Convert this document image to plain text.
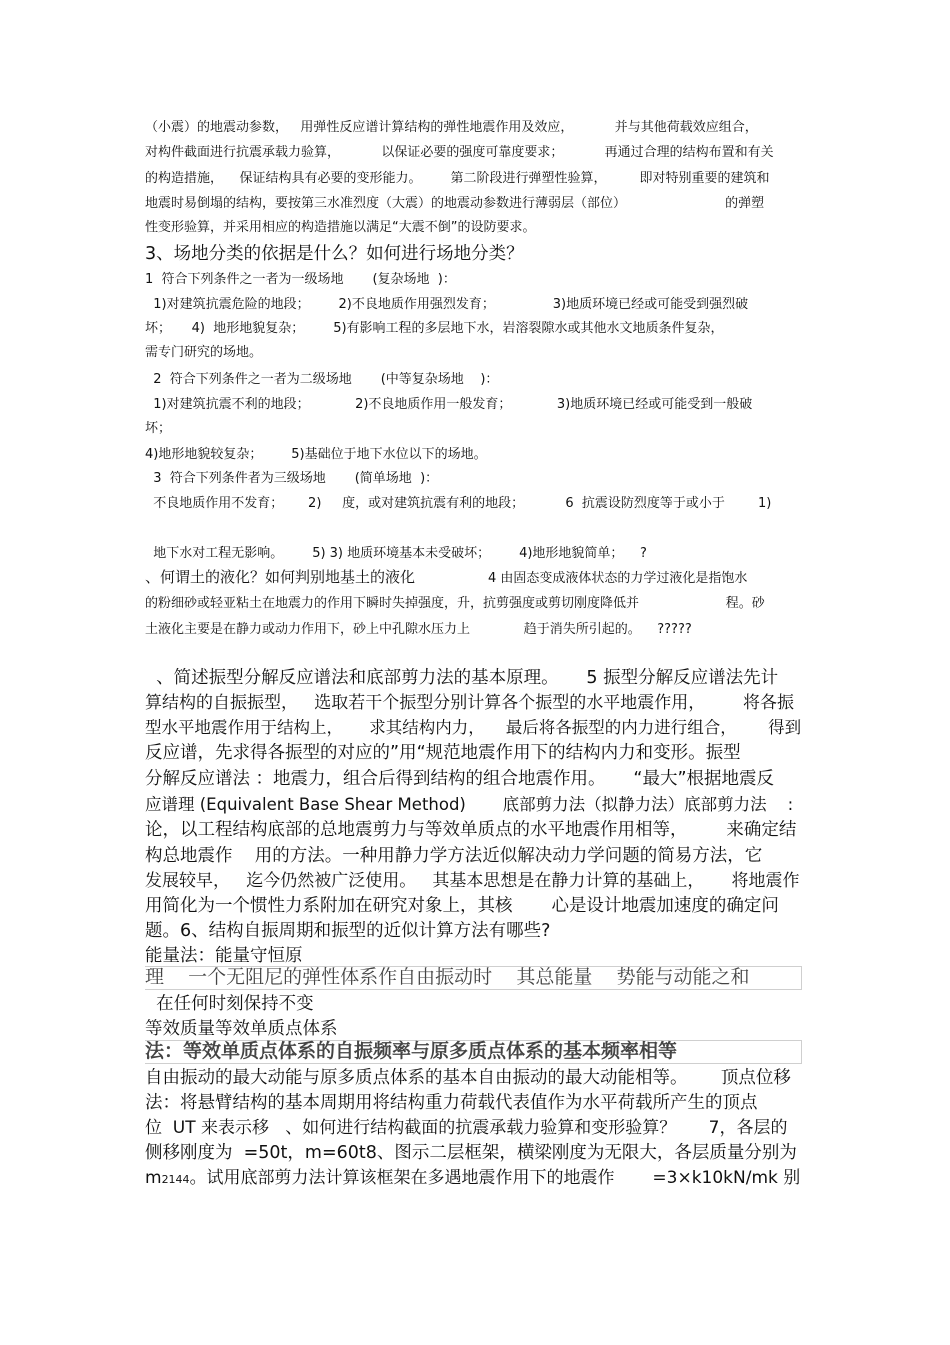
（小震）的地震动参数，   用弹性反应谱计算结构的弹性地震作用及效应，          并与其他荷载效应组合，
对构件截面进行抗震承载力验算，          以保证必要的强度可靠度要求；          再通过合理的结构布置和有关
的构造措施，    保证结构具有必要的变形能力。       第二阶段进行弹塑性验算，        即对特别重要的建筑和
地震时易倒塌的结构，要按第三水准烈度（大震）的地震动参数进行薄弱层（部位）                        的弹塑
性变形验算，并采用相应的构造措施以满足“大震不倒”的设防要求。
3、场地分类的依据是什么？如何进行场地分类？
1  符合下列条件之一者为一级场地       (复杂场地  )：
1)对建筑抗震危险的地段；       2)不良地质作用强烈发育；              3)地质环境已经或可能受到强烈破
坏；     4)  地形地貌复杂；       5)有影响工程的多层地下水，岩溶裂隙水或其他水文地质条件复杂，
需专门研究的场地。
2  符合下列条件之一者为二级场地       (中等复杂场地    )：
1)对建筑抗震不利的地段；           2)不良地质作用一般发育；           3)地质环境已经或可能受到一般破
坏；
4)地形地貌较复杂；       5)基础位于地下水位以下的场地。
3  符合下列条件者为三级场地       (简单场地  )：
不良地质作用不发育；      2)     度，或对建筑抗震有利的地段；          6  抗震设防烈度等于或小于        1)
地下水对工程无影响。       5) 3) 地质环境基本未受破坏；       4)地形地貌简单；    ?
、何谓土的液化？如何判别地基土的液化	4 由固态变成液体状态的力学过液化是指饱水
的粉细砂或轻亚粘土在地震力的作用下瞬时失掉强度，升，抗剪强度或剪切刚度降低并                     程。砂
土液化主要是在静力或动力作用下，砂上中孔隙水压力上             趋于消失所引起的。    ?????
、简述振型分解反应谱法和底部剪力法的基本原理。     5 振型分解反应谱法先计
算结构的自振振型，   选取若干个振型分别计算各个振型的水平地震作用，       将各振
型水平地震作用于结构上，     求其结构内力，    最后将各振型的内力进行组合，      得到
反应谱，先求得各振型的对应的”用“规范地震作用下的结构内力和变形。振型
分解反应谱法 ：地震力，组合后得到结构的组合地震作用。     “最大”根据地震反
应谱理 (Equivalent Base Shear Method)       底部剪力法（拟静力法）底部剪力法    :
论，以工程结构底部的总地震剪力与等效单质点的水平地震作用相等，       来确定结
构总地震作    用的方法。一种用静力学方法近似解决动力学问题的简易方法，它
发展较早，   迄今仍然被广泛使用。   其基本思想是在静力计算的基础上，     将地震作
用简化为一个惯性力系附加在研究对象上，其核       心是设计地震加速度的确定问
题。6、结构自振周期和振型的近似计算方法有哪些?
能量法：能量守恒原
理    一个无阻尼的弹性体系作自由振动时    其总能量    势能与动能之和
在任何时刻保持不变
等效质量等效单质点体系
法：等效单质点体系的自振频率与原多质点体系的基本频率相等
自由振动的最大动能与原多质点体系的基本自由振动的最大动能相等。      顶点位移
法：将悬臂结构的基本周期用将结构重力荷载代表值作为水平荷载所产生的顶点
位  UT 来表示移   、如何进行结构截面的抗震承载力验算和变形验算？      7，各层的
侧移刚度为  =50t，m=60t8、图示二层框架，横梁刚度为无限大，各层质量分别为
m2144。试用底部剪力法计算该框架在多遇地震作用下的地震作       =3×k10kN/mk 别
